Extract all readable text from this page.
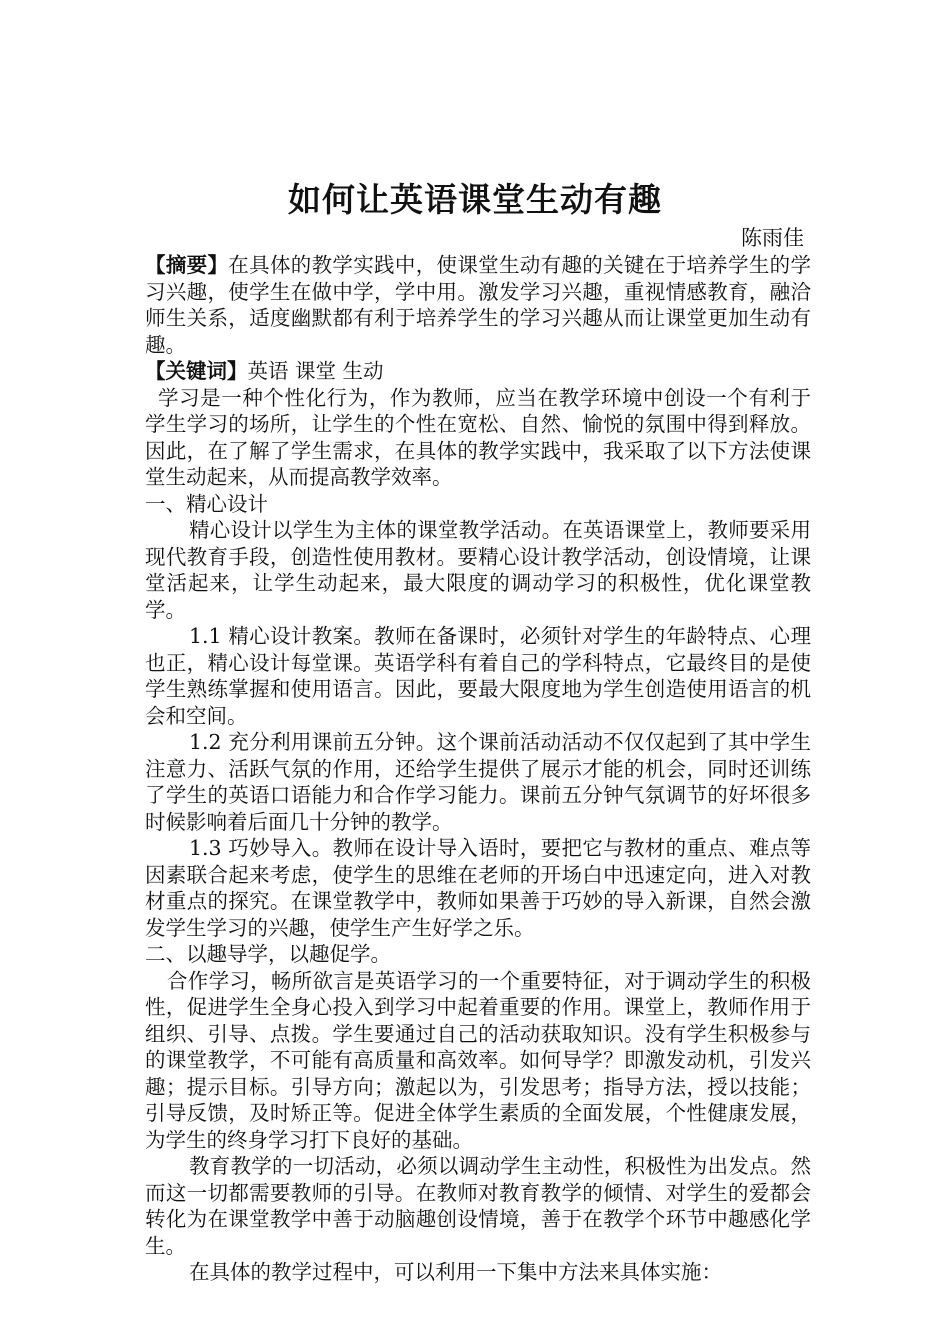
如何让英语课堂生动有趣
陈雨佳

【摘要】在具体的教学实践中，使课堂生动有趣的关键在于培养学生的学习兴趣，使学生在做中学，学中用。激发学习兴趣，重视情感教育，融洽师生关系，适度幽默都有利于培养学生的学习兴趣从而让课堂更加生动有趣。

【关键词】英语 课堂 生动

学习是一种个性化行为，作为教师，应当在教学环境中创设一个有利于学生学习的场所，让学生的个性在宽松、自然、愉悦的氛围中得到释放。因此，在了解了学生需求，在具体的教学实践中，我采取了以下方法使课堂生动起来，从而提高教学效率。

一、精心设计

精心设计以学生为主体的课堂教学活动。在英语课堂上，教师要采用现代教育手段，创造性使用教材。要精心设计教学活动，创设情境，让课堂活起来，让学生动起来，最大限度的调动学习的积极性，优化课堂教学。

1.1 精心设计教案。教师在备课时，必须针对学生的年龄特点、心理也正，精心设计每堂课。英语学科有着自己的学科特点，它最终目的是使学生熟练掌握和使用语言。因此，要最大限度地为学生创造使用语言的机会和空间。

1.2 充分利用课前五分钟。这个课前活动活动不仅仅起到了其中学生注意力、活跃气氛的作用，还给学生提供了展示才能的机会，同时还训练了学生的英语口语能力和合作学习能力。课前五分钟气氛调节的好坏很多时候影响着后面几十分钟的教学。

1.3 巧妙导入。教师在设计导入语时，要把它与教材的重点、难点等因素联合起来考虑，使学生的思维在老师的开场白中迅速定向，进入对教材重点的探究。在课堂教学中，教师如果善于巧妙的导入新课，自然会激发学生学习的兴趣，使学生产生好学之乐。

二、以趣导学，以趣促学。

合作学习，畅所欲言是英语学习的一个重要特征，对于调动学生的积极性，促进学生全身心投入到学习中起着重要的作用。课堂上，教师作用于组织、引导、点拨。学生要通过自己的活动获取知识。没有学生积极参与的课堂教学，不可能有高质量和高效率。如何导学？即激发动机，引发兴趣；提示目标。引导方向；激起以为，引发思考；指导方法，授以技能；引导反馈，及时矫正等。促进全体学生素质的全面发展，个性健康发展，为学生的终身学习打下良好的基础。

教育教学的一切活动，必须以调动学生主动性，积极性为出发点。然而这一切都需要教师的引导。在教师对教育教学的倾情、对学生的爱都会转化为在课堂教学中善于动脑趣创设情境，善于在教学个环节中趣感化学生。

在具体的教学过程中，可以利用一下集中方法来具体实施：
